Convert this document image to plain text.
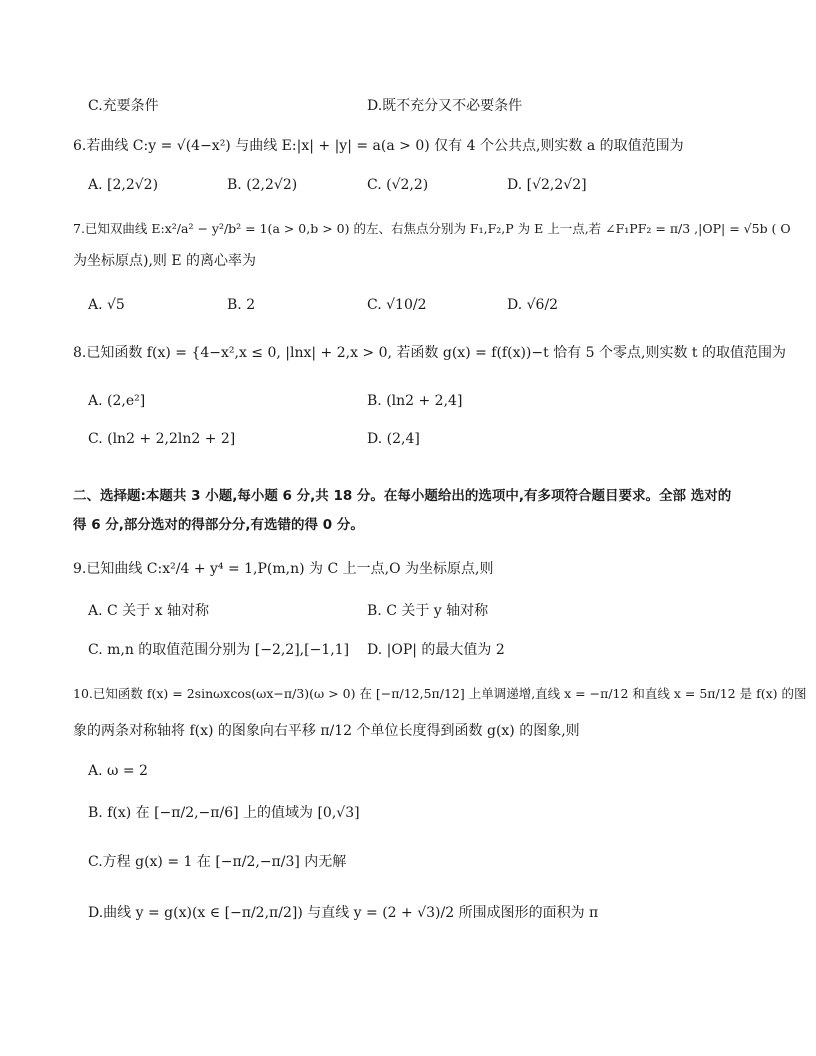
C.充要条件	D.既不充分又不必要条件
6.若曲线 C:y = √(4−x²) 与曲线 E:|x| + |y| = a(a > 0) 仅有 4 个公共点,则实数 a 的取值范围为
A. [2,2√2)	B. (2,2√2)	C. (√2,2)	D. [√2,2√2]
7.已知双曲线 E:x²/a² − y²/b² = 1(a > 0,b > 0) 的左、右焦点分别为 F₁,F₂,P 为 E 上一点,若 ∠F₁PF₂ = π/3 ,|OP| = √5b ( O
为坐标原点),则 E 的离心率为
A. √5	B. 2	C. √10/2	D. √6/2
8.已知函数 f(x) = {4−x²,x ≤ 0, |lnx| + 2,x > 0, 若函数 g(x) = f(f(x))−t 恰有 5 个零点,则实数 t 的取值范围为
A. (2,e²]	B. (ln2 + 2,4]
C. (ln2 + 2,2ln2 + 2]	D. (2,4]
二、选择题:本题共 3 小题,每小题 6 分,共 18 分。在每小题给出的选项中,有多项符合题目要求。全部 选对的
得 6 分,部分选对的得部分分,有选错的得 0 分。
9.已知曲线 C:x²/4 + y⁴ = 1,P(m,n) 为 C 上一点,O 为坐标原点,则
A. C 关于 x 轴对称	B. C 关于 y 轴对称
C. m,n 的取值范围分别为 [−2,2],[−1,1] D. |OP| 的最大值为 2
10.已知函数 f(x) = 2sinωxcos(ωx−π/3)(ω > 0) 在 [−π/12,5π/12] 上单调递增,直线 x = −π/12 和直线 x = 5π/12 是 f(x) 的图
象的两条对称轴将 f(x) 的图象向右平移 π/12 个单位长度得到函数 g(x) 的图象,则
A. ω = 2
B. f(x) 在 [−π/2,−π/6] 上的值域为 [0,√3]
C.方程 g(x) = 1 在 [−π/2,−π/3] 内无解
D.曲线 y = g(x)(x ∈ [−π/2,π/2]) 与直线 y = (2 + √3)/2 所围成图形的面积为 π
